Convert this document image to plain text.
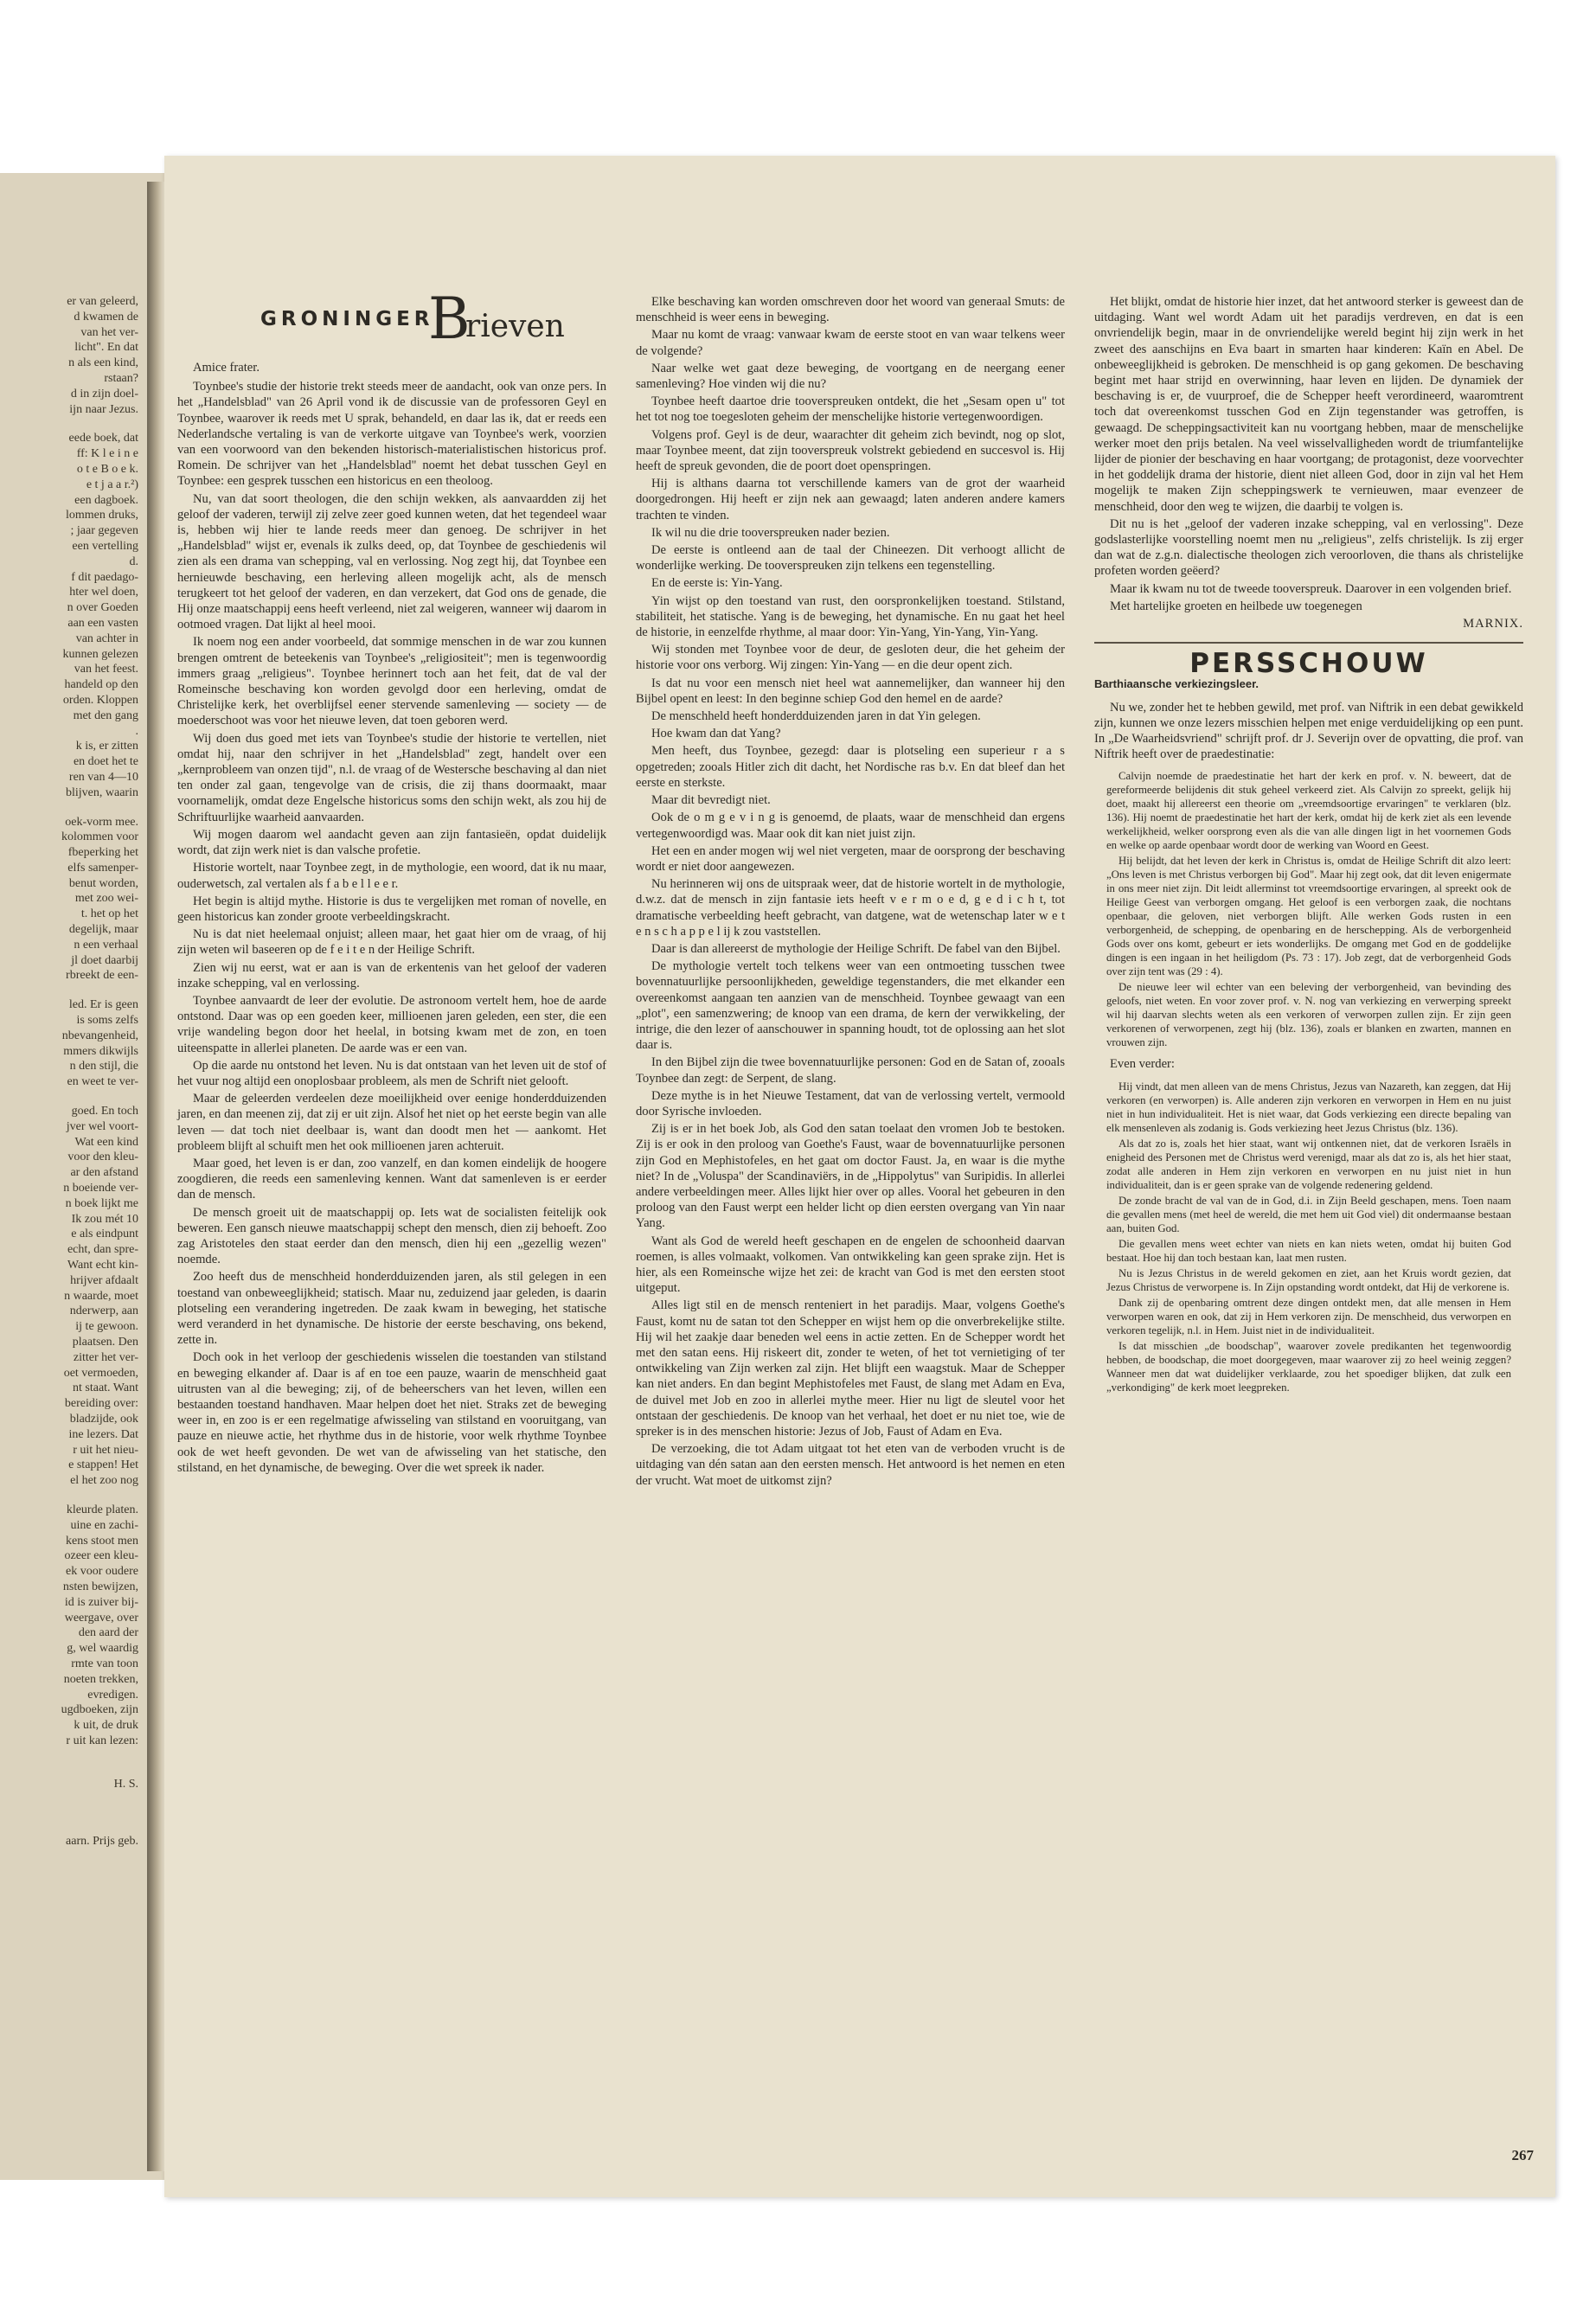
er van geleerd,
d kwamen de
van het ver-
licht". En dat
n als een kind,
rstaan?
d in zijn doel-
ijn naar Jezus.
eede boek, dat
ff: K l e i n e
o t e B o e k.
e t j a a r.²)
een dagboek.
lommen druks,
; jaar gegeven
een vertelling
d.
f dit paedago-
hter wel doen,
n over Goeden
aan een vasten
van achter in
kunnen gelezen
van het feest.
handeld op den
orden. Kloppen
met den gang
.
k is, er zitten
en doet het te
ren van 4—10
blijven, waarin
oek-vorm mee.
kolommen voor
fbeperking het
elfs samenper-
benut worden,
met zoo wei-
t. het op het
degelijk, maar
n een verhaal
jl doet daarbij
rbreekt de een-
led. Er is geen
is soms zelfs
nbevangenheid,
mmers dikwijls
n den stijl, die
en weet te ver-
goed. En toch
jver wel voort-
Wat een kind
voor den kleu-
ar den afstand
n boeiende ver-
n boek lijkt me
Ik zou mét 10
e als eindpunt
echt, dan spre-
Want echt kin-
hrijver afdaalt
n waarde, moet
nderwerp, aan
ij te gewoon.
plaatsen. Den
zitter het ver-
oet vermoeden,
nt staat. Want
bereiding over:
bladzijde, ook
ine lezers. Dat
r uit het nieu-
e stappen! Het
el het zoo nog
kleurde platen.
uine en zachi-
kens stoot men
ozeer een kleu-
ek voor oudere
nsten bewijzen,
id is zuiver bij-
weergave, over
den aard der
g, wel waardig
rmte van toon
noeten trekken,
evredigen.
ugdboeken, zijn
k uit, de druk
r uit kan lezen:
H. S.
aarn. Prijs geb.
GRONINGER
B
rieven

Amice frater.

Toynbee's studie der historie trekt steeds meer de aandacht, ook van onze pers. In het „Handelsblad" van 26 April vond ik de discussie van de professoren Geyl en Toynbee, waarover ik reeds met U sprak, behandeld, en daar las ik, dat er reeds een Nederlandsche vertaling is van de verkorte uitgave van Toynbee's werk, voorzien van een voorwoord van den bekenden historisch-materialistischen historicus prof. Romein. De schrijver van het „Handelsblad" noemt het debat tusschen Geyl en Toynbee: een gesprek tusschen een historicus en een theoloog.

Nu, van dat soort theologen, die den schijn wekken, als aanvaardden zij het geloof der vaderen, terwijl zij zelve zeer goed kunnen weten, dat het tegendeel waar is, hebben wij hier te lande reeds meer dan genoeg. De schrijver in het „Handelsblad" wijst er, evenals ik zulks deed, op, dat Toynbee de geschiedenis wil zien als een drama van schepping, val en verlossing. Nog zegt hij, dat Toynbee een hernieuwde beschaving, een herleving alleen mogelijk acht, als de mensch terugkeert tot het geloof der vaderen, en dan verzekert, dat God ons de genade, die Hij onze maatschappij eens heeft verleend, niet zal weigeren, wanneer wij daarom in ootmoed vragen. Dat lijkt al heel mooi.

Ik noem nog een ander voorbeeld, dat sommige menschen in de war zou kunnen brengen omtrent de beteekenis van Toynbee's „religiositeit"; men is tegenwoordig immers graag „religieus". Toynbee herinnert toch aan het feit, dat de val der Romeinsche beschaving kon worden gevolgd door een herleving, omdat de Christelijke kerk, het overblijfsel eener stervende samenleving — society — de moederschoot was voor het nieuwe leven, dat toen geboren werd.

Wij doen dus goed met iets van Toynbee's studie der historie te vertellen, niet omdat hij, naar den schrijver in het „Handelsblad" zegt, handelt over een „kernprobleem van onzen tijd", n.l. de vraag of de Westersche beschaving al dan niet ten onder zal gaan, tengevolge van de crisis, die zij thans doormaakt, maar voornamelijk, omdat deze Engelsche historicus soms den schijn wekt, als zou hij de Schriftuurlijke waarheid aanvaarden.

Wij mogen daarom wel aandacht geven aan zijn fantasieën, opdat duidelijk wordt, dat zijn werk niet is dan valsche profetie.

Historie wortelt, naar Toynbee zegt, in de mythologie, een woord, dat ik nu maar, ouderwetsch, zal vertalen als f a b e l l e e r.

Het begin is altijd mythe. Historie is dus te vergelijken met roman of novelle, en geen historicus kan zonder groote verbeeldingskracht.

Nu is dat niet heelemaal onjuist; alleen maar, het gaat hier om de vraag, of hij zijn weten wil baseeren op de f e i t e n der Heilige Schrift.

Zien wij nu eerst, wat er aan is van de erkentenis van het geloof der vaderen inzake schepping, val en verlossing.

Toynbee aanvaardt de leer der evolutie. De astronoom vertelt hem, hoe de aarde ontstond. Daar was op een goeden keer, millioenen jaren geleden, een ster, die een vrije wandeling begon door het heelal, in botsing kwam met de zon, en toen uiteenspatte in allerlei planeten. De aarde was er een van.

Op die aarde nu ontstond het leven. Nu is dat ontstaan van het leven uit de stof of het vuur nog altijd een onoplosbaar probleem, als men de Schrift niet gelooft.

Maar de geleerden verdeelen deze moeilijkheid over eenige honderdduizenden jaren, en dan meenen zij, dat zij er uit zijn. Alsof het niet op het eerste begin van alle leven — dat toch niet deelbaar is, want dan doodt men het — aankomt. Het probleem blijft al schuift men het ook millioenen jaren achteruit.

Maar goed, het leven is er dan, zoo vanzelf, en dan komen eindelijk de hoogere zoogdieren, die reeds een samenleving kennen. Want dat samenleven is er eerder dan de mensch.

De mensch groeit uit de maatschappij op. Iets wat de socialisten feitelijk ook beweren. Een gansch nieuwe maatschappij schept den mensch, dien zij behoeft. Zoo zag Aristoteles den staat eerder dan den mensch, dien hij een „gezellig wezen" noemde.

Zoo heeft dus de menschheid honderdduizenden jaren, als stil gelegen in een toestand van onbeweeglijkheid; statisch. Maar nu, zeduizend jaar geleden, is daarin plotseling een verandering ingetreden. De zaak kwam in beweging, het statische werd veranderd in het dynamische. De historie der eerste beschaving, ons bekend, zette in.

Doch ook in het verloop der geschiedenis wisselen die toestanden van stilstand en beweging elkander af. Daar is af en toe een pauze, waarin de menschheid gaat uitrusten van al die beweging; zij, of de beheerschers van het leven, willen een bestaanden toestand handhaven. Maar helpen doet het niet. Straks zet de beweging weer in, en zoo is er een regelmatige afwisseling van stilstand en vooruitgang, van pauze en nieuwe actie, het rhythme dus in de historie, voor welk rhythme Toynbee ook de wet heeft gevonden. De wet van de afwisseling van het statische, den stilstand, en het dynamische, de beweging. Over die wet spreek ik nader.

Elke beschaving kan worden omschreven door het woord van generaal Smuts: de menschheid is weer eens in beweging.

Maar nu komt de vraag: vanwaar kwam de eerste stoot en van waar telkens weer de volgende?

Naar welke wet gaat deze beweging, de voortgang en de neergang eener samenleving? Hoe vinden wij die nu?

Toynbee heeft daartoe drie tooverspreuken ontdekt, die het „Sesam open u" tot het tot nog toe toegesloten geheim der menschelijke historie vertegenwoordigen.

Volgens prof. Geyl is de deur, waarachter dit geheim zich bevindt, nog op slot, maar Toynbee meent, dat zijn tooverspreuk volstrekt gebiedend en succesvol is. Hij heeft de spreuk gevonden, die de poort doet openspringen.

Hij is althans daarna tot verschillende kamers van de grot der waarheid doorgedrongen. Hij heeft er zijn nek aan gewaagd; laten anderen andere kamers trachten te vinden.

Ik wil nu die drie tooverspreuken nader bezien.

De eerste is ontleend aan de taal der Chineezen. Dit verhoogt allicht de wonderlijke werking. De tooverspreuken zijn telkens een tegenstelling.

En de eerste is: Yin-Yang.

Yin wijst op den toestand van rust, den oorspronkelijken toestand. Stilstand, stabiliteit, het statische. Yang is de beweging, het dynamische. En nu gaat het heel de historie, in eenzelfde rhythme, al maar door: Yin-Yang, Yin-Yang, Yin-Yang.

Wij stonden met Toynbee voor de deur, de gesloten deur, die het geheim der historie voor ons verborg. Wij zingen: Yin-Yang — en die deur opent zich.

Is dat nu voor een mensch niet heel wat aannemelijker, dan wanneer hij den Bijbel opent en leest: In den beginne schiep God den hemel en de aarde?

De menschheld heeft honderdduizenden jaren in dat Yin gelegen.

Hoe kwam dan dat Yang?

Men heeft, dus Toynbee, gezegd: daar is plotseling een superieur r a s opgetreden; zooals Hitler zich dit dacht, het Nordische ras b.v. En dat bleef dan het eerste en sterkste.

Maar dit bevredigt niet.

Ook de o m g e v i n g is genoemd, de plaats, waar de menschheid dan ergens vertegenwoordigd was. Maar ook dit kan niet juist zijn.

Het een en ander mogen wij wel niet vergeten, maar de oorsprong der beschaving wordt er niet door aangewezen.

Nu herinneren wij ons de uitspraak weer, dat de historie wortelt in de mythologie, d.w.z. dat de mensch in zijn fantasie iets heeft v e r m o e d, g e d i c h t, tot dramatische verbeelding heeft gebracht, van datgene, wat de wetenschap later w e t e n s c h a p p e l ij k zou vaststellen.

Daar is dan allereerst de mythologie der Heilige Schrift. De fabel van den Bijbel.

De mythologie vertelt toch telkens weer van een ontmoeting tusschen twee bovennatuurlijke persoonlijkheden, geweldige tegenstanders, die met elkander een overeenkomst aangaan ten aanzien van de menschheid. Toynbee gewaagt van een „plot", een samenzwering; de knoop van een drama, de kern der verwikkeling, der intrige, die den lezer of aanschouwer in spanning houdt, tot de oplossing aan het slot daar is.

In den Bijbel zijn die twee bovennatuurlijke personen: God en de Satan of, zooals Toynbee dan zegt: de Serpent, de slang.

Deze mythe is in het Nieuwe Testament, dat van de verlossing vertelt, vermoold door Syrische invloeden.

Zij is er in het boek Job, als God den satan toelaat den vromen Job te bestoken. Zij is er ook in den proloog van Goethe's Faust, waar de bovennatuurlijke personen zijn God en Mephistofeles, en het gaat om doctor Faust. Ja, en waar is die mythe niet? In de „Voluspa" der Scandinaviërs, in de „Hippolytus" van Suripidis. In allerlei andere verbeeldingen meer. Alles lijkt hier over op alles. Vooral het gebeuren in den proloog van den Faust werpt een helder licht op dien eersten overgang van Yin naar Yang.

Want als God de wereld heeft geschapen en de engelen de schoonheid daarvan roemen, is alles volmaakt, volkomen. Van ontwikkeling kan geen sprake zijn. Het is hier, als een Romeinsche wijze het zei: de kracht van God is met den eersten stoot uitgeput.

Alles ligt stil en de mensch renteniert in het paradijs. Maar, volgens Goethe's Faust, komt nu de satan tot den Schepper en wijst hem op die onverbrekelijke stilte. Hij wil het zaakje daar beneden wel eens in actie zetten. En de Schepper wordt het met den satan eens. Hij riskeert dit, zonder te weten, of het tot vernietiging of ter ontwikkeling van Zijn werken zal zijn. Het blijft een waagstuk. Maar de Schepper kan niet anders. En dan begint Mephistofeles met Faust, de slang met Adam en Eva, de duivel met Job en zoo in allerlei mythe meer. Hier nu ligt de sleutel voor het ontstaan der geschiedenis. De knoop van het verhaal, het doet er nu niet toe, wie de spreker is in des menschen historie: Jezus of Job, Faust of Adam en Eva.

De verzoeking, die tot Adam uitgaat tot het eten van de verboden vrucht is de uitdaging van dén satan aan den eersten mensch. Het antwoord is het nemen en eten der vrucht. Wat moet de uitkomst zijn?

Het blijkt, omdat de historie hier inzet, dat het antwoord sterker is geweest dan de uitdaging. Want wel wordt Adam uit het paradijs verdreven, en dat is een onvriendelijk begin, maar in de onvriendelijke wereld begint hij zijn werk in het zweet des aanschijns en Eva baart in smarten haar kinderen: Kaïn en Abel. De onbeweeglijkheid is gebroken. De menschheid is op gang gekomen. De beschaving begint met haar strijd en overwinning, haar leven en lijden. De dynamiek der beschaving is er, de vuurproef, die de Schepper heeft verordineerd, waaromtrent toch dat overeenkomst tusschen God en Zijn tegenstander was getroffen, is gewaagd. De scheppingsactiviteit kan nu voortgang hebben, maar de menschelijke werker moet den prijs betalen. Na veel wisselvalligheden wordt de triumfantelijke lijder de pionier der beschaving en haar voortgang; de protagonist, deze voorvechter in het goddelijk drama der historie, dient niet alleen God, door in zijn val het Hem mogelijk te maken Zijn scheppingswerk te vernieuwen, maar evenzeer de menschheid, door den weg te wijzen, die daarbij te volgen is.

Dit nu is het „geloof der vaderen inzake schepping, val en verlossing". Deze godslasterlijke voorstelling noemt men nu „religieus", zelfs christelijk. Is zij erger dan wat de z.g.n. dialectische theologen zich veroorloven, die thans als christelijke profeten worden geëerd?

Maar ik kwam nu tot de tweede tooverspreuk. Daarover in een volgenden brief.

Met hartelijke groeten en heilbede uw toegenegen

MARNIX.

PERSSCHOUW
Barthiaansche verkiezingsleer.

Nu we, zonder het te hebben gewild, met prof. van Niftrik in een debat gewikkeld zijn, kunnen we onze lezers misschien helpen met enige verduidelijking op een punt. In „De Waarheidsvriend" schrijft prof. dr J. Severijn over de opvatting, die prof. van Niftrik heeft over de praedestinatie:

Calvijn noemde de praedestinatie het hart der kerk en prof. v. N. beweert, dat de gereformeerde belijdenis dit stuk geheel verkeerd ziet. Als Calvijn zo spreekt, gelijk hij doet, maakt hij allereerst een theorie om „vreemdsoortige ervaringen" te verklaren (blz. 136). Hij noemt de praedestinatie het hart der kerk, omdat hij de kerk ziet als een levende werkelijkheid, welker oorsprong even als die van alle dingen ligt in het voornemen Gods en welke op aarde openbaar wordt door de werking van Woord en Geest.

Hij belijdt, dat het leven der kerk in Christus is, omdat de Heilige Schrift dit alzo leert: „Ons leven is met Christus verborgen bij God". Maar hij zegt ook, dat dit leven enigermate in ons meer niet zijn. Dit leidt allerminst tot vreemdsoortige ervaringen, al spreekt ook de Heilige Geest van verborgen omgang. Het geloof is een verborgen zaak, die nochtans openbaar, die geloven, niet verborgen blijft. Alle werken Gods rusten in een verborgenheid, de schepping, de openbaring en de herschepping. Als de verborgenheid Gods over ons komt, gebeurt er iets wonderlijks. De omgang met God en de goddelijke dingen is een ingaan in het heiligdom (Ps. 73 : 17). Job zegt, dat de verborgenheid Gods over zijn tent was (29 : 4).

De nieuwe leer wil echter van een beleving der verborgenheid, van bevinding des geloofs, niet weten. En voor zover prof. v. N. nog van verkiezing en verwerping spreekt wil hij daarvan slechts weten als een verkoren of verworpen zullen zijn. Er zijn geen verkorenen of verworpenen, zegt hij (blz. 136), zoals er blanken en zwarten, mannen en vrouwen zijn.

Even verder:

Hij vindt, dat men alleen van de mens Christus, Jezus van Nazareth, kan zeggen, dat Hij verkoren (en verworpen) is. Alle anderen zijn verkoren en verworpen in Hem en nu juist niet in hun individualiteit. Het is niet waar, dat Gods verkiezing een directe bepaling van elk mensenleven als zodanig is. Gods verkiezing heet Jezus Christus (blz. 136).

Als dat zo is, zoals het hier staat, want wij ontkennen niet, dat de verkoren Israëls in enigheid des Personen met de Christus werd verenigd, maar als dat zo is, als het hier staat, zodat alle anderen in Hem zijn verkoren en verworpen en nu juist niet in hun individualiteit, dan is er geen sprake van de volgende redenering geldend.

De zonde bracht de val van de in God, d.i. in Zijn Beeld geschapen, mens. Toen naam die gevallen mens (met heel de wereld, die met hem uit God viel) dit ondermaanse bestaan aan, buiten God.

Die gevallen mens weet echter van niets en kan niets weten, omdat hij buiten God bestaat. Hoe hij dan toch bestaan kan, laat men rusten.

Nu is Jezus Christus in de wereld gekomen en ziet, aan het Kruis wordt gezien, dat Jezus Christus de verworpene is. In Zijn opstanding wordt ontdekt, dat Hij de verkorene is.

Dank zij de openbaring omtrent deze dingen ontdekt men, dat alle mensen in Hem verworpen waren en ook, dat zij in Hem verkoren zijn. De menschheid, dus verworpen en verkoren tegelijk, n.l. in Hem. Juist niet in de individualiteit.

Is dat misschien „de boodschap", waarover zovele predikanten het tegenwoordig hebben, de boodschap, die moet doorgegeven, maar waarover zij zo heel weinig zeggen? Wanneer men dat wat duidelijker verklaarde, zou het spoediger blijken, dat zulk een „verkondiging" de kerk moet leegpreken.

267
